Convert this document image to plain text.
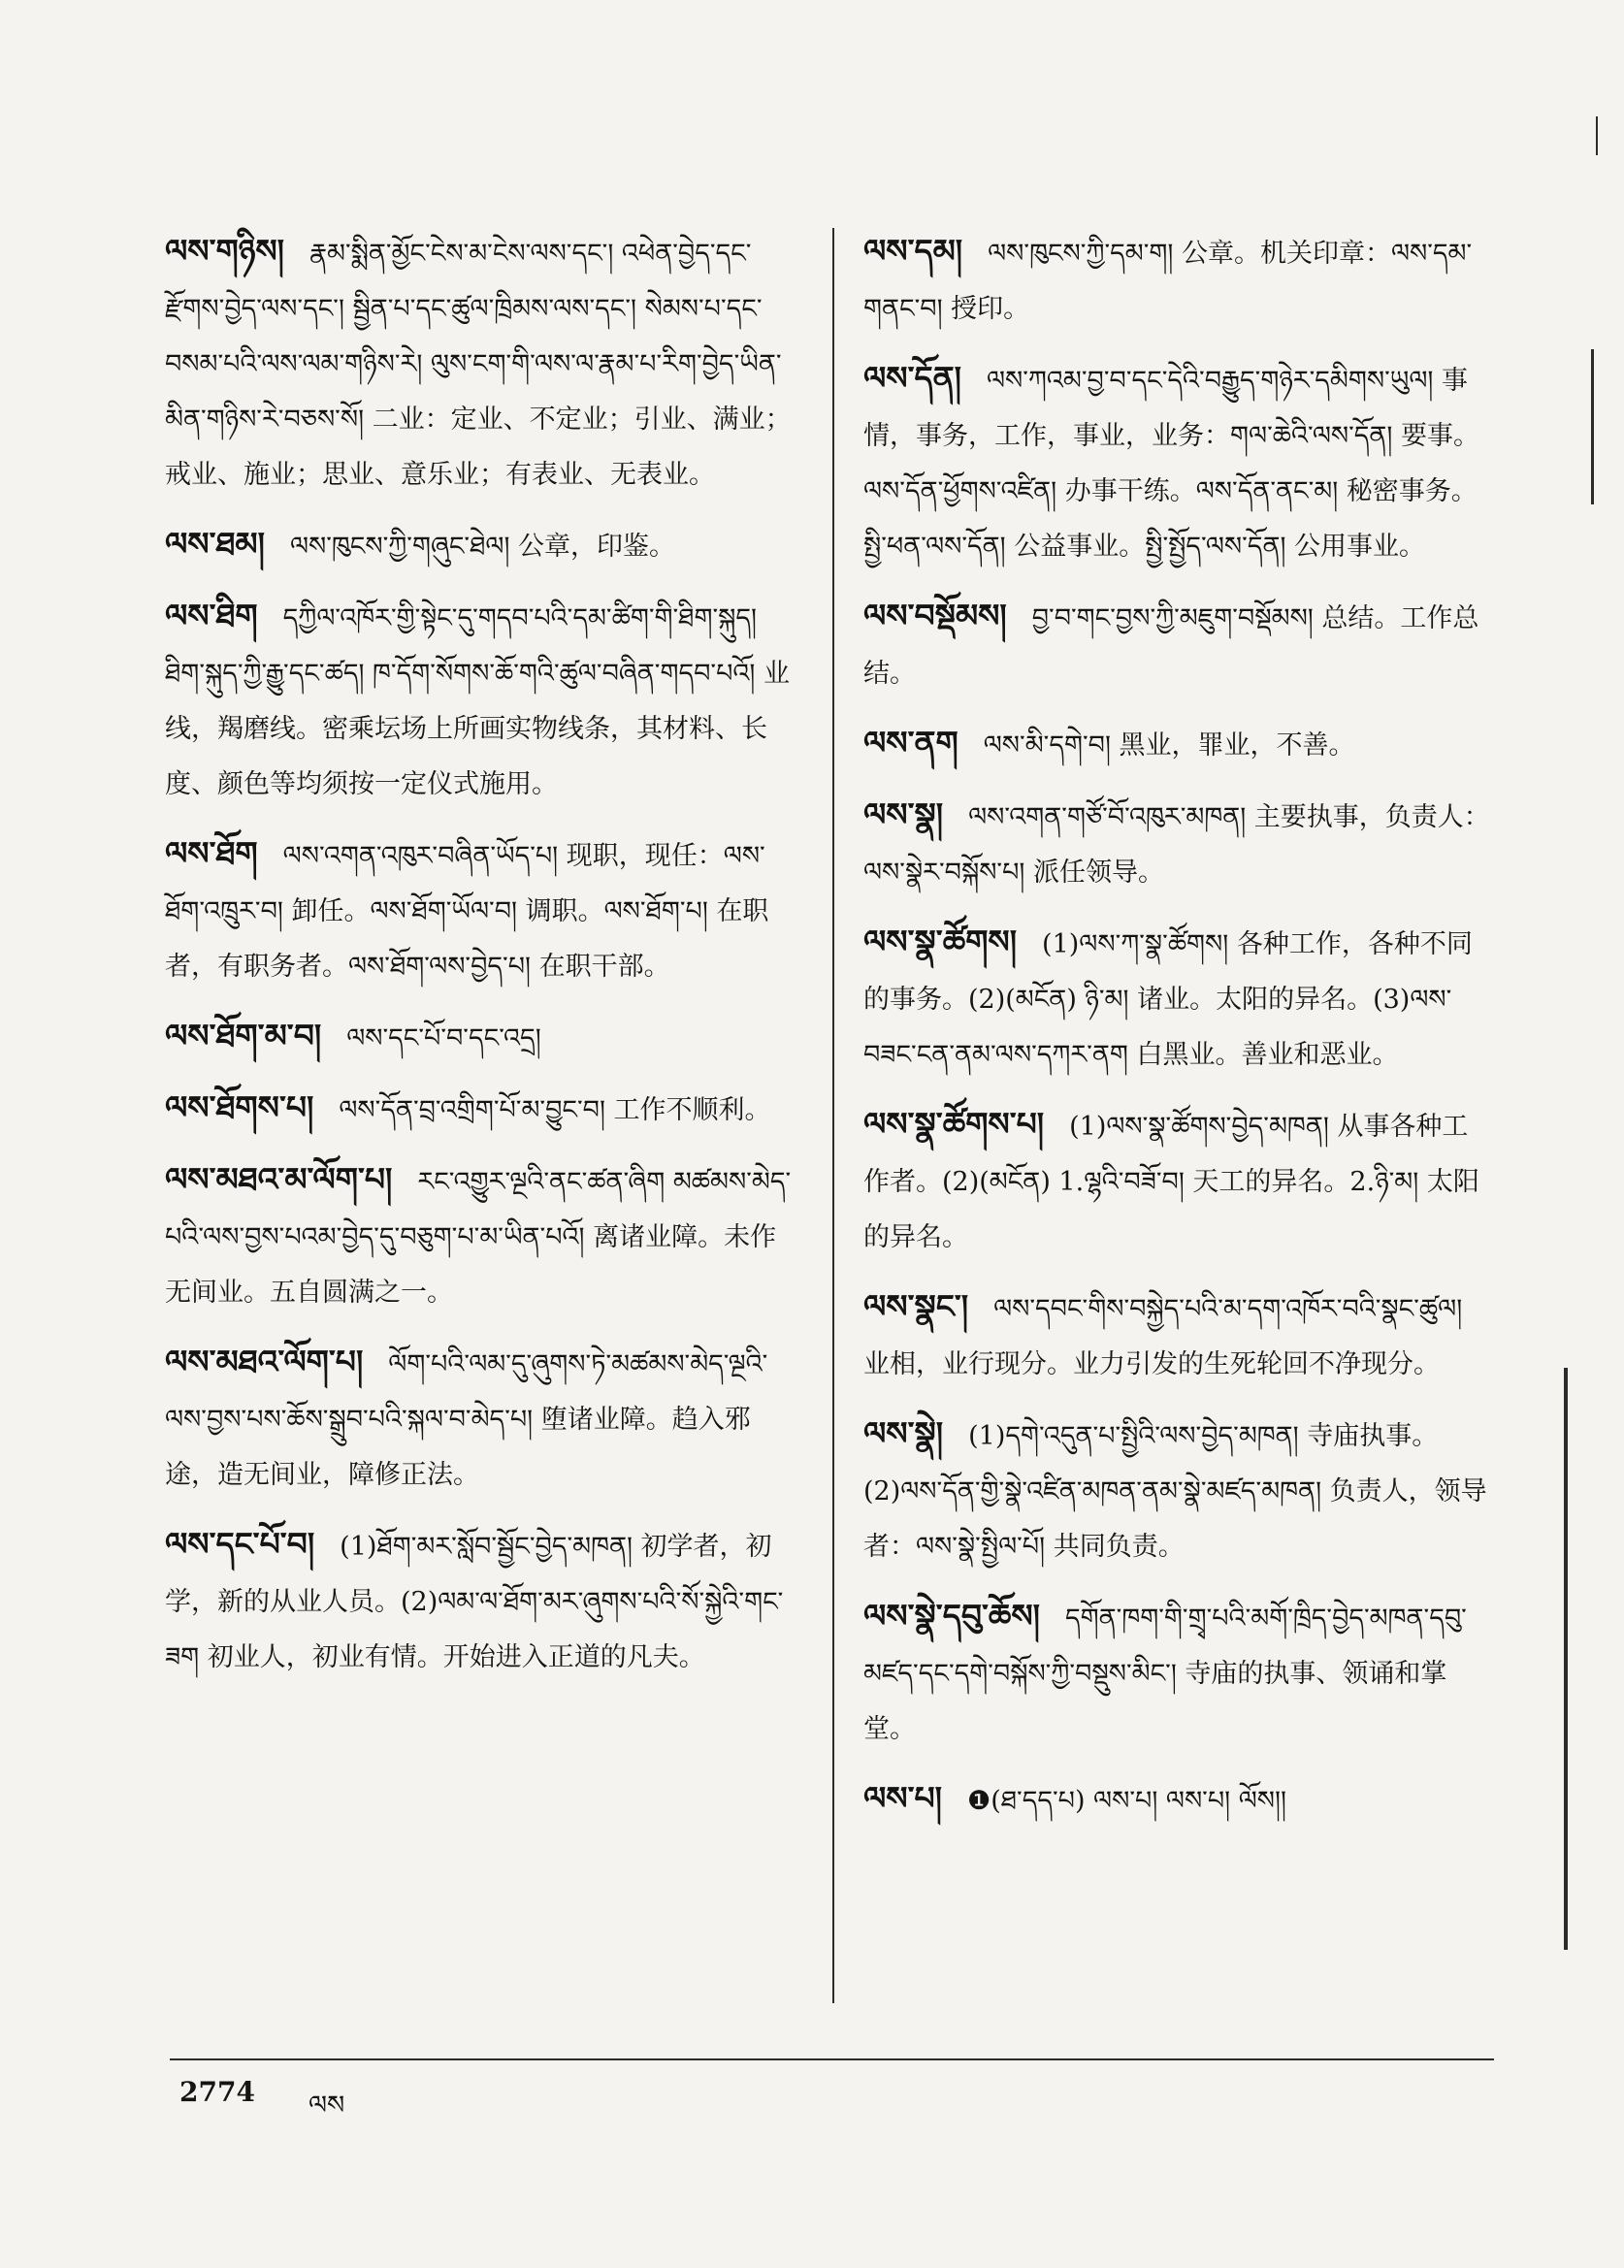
ལས་གཉིས། རྣམ་སྨིན་མྱོང་ངེས་མ་ངེས་ལས་དང་། འཕེན་བྱེད་དང་རྫོགས་བྱེད་ལས་དང་། སྦྱིན་པ་དང་ཚུལ་ཁྲིམས་ལས་དང་། སེམས་པ་དང་བསམ་པའི་ལས་ལམ་གཉིས་རེ། ལུས་ངག་གི་ལས་ལ་རྣམ་པ་རིག་བྱེད་ཡིན་མིན་གཉིས་རེ་བཅས་སོ། 二业：定业、不定业；引业、满业；戒业、施业；思业、意乐业；有表业、无表业。
ལས་ཐམ། ལས་ཁུངས་ཀྱི་གཞུང་ཐེལ། 公章，印鉴。
ལས་ཐིག དཀྱིལ་འཁོར་གྱི་སྟེང་དུ་གདབ་པའི་དམ་ཚིག་གི་ཐིག་སྐུད། ཐིག་སྐུད་ཀྱི་རྒྱུ་དང་ཚད། ཁ་དོག་སོགས་ཆོ་གའི་ཚུལ་བཞིན་གདབ་པའོ། 业线，羯磨线。密乘坛场上所画实物线条，其材料、长度、颜色等均须按一定仪式施用。
ལས་ཐོག ལས་འགན་འཁུར་བཞིན་ཡོད་པ། 现职，现任：ལས་ཐོག་འཁྲུར་བ། 卸任。ལས་ཐོག་ཡོལ་བ། 调职。ལས་ཐོག་པ། 在职者，有职务者。ལས་ཐོག་ལས་བྱེད་པ། 在职干部。
ལས་ཐོག་མ་བ། ལས་དང་པོ་བ་དང་འདྲ།
ལས་ཐོགས་པ། ལས་དོན་བྲ་འགྲིག་པོ་མ་བྱུང་བ། 工作不顺利。
ལས་མཐའ་མ་ལོག་པ། རང་འགྱུར་ལྔའི་ནང་ཚན་ཞིག མཚམས་མེད་པའི་ལས་བྱས་པའམ་བྱེད་དུ་བཅུག་པ་མ་ཡིན་པའོ། 离诸业障。未作无间业。五自圆满之一。
ལས་མཐའ་ལོག་པ། ལོག་པའི་ལམ་དུ་ཞུགས་ཏེ་མཚམས་མེད་ལྔའི་ལས་བྱས་པས་ཆོས་སྒྲུབ་པའི་སྐལ་བ་མེད་པ། 堕诸业障。趋入邪途，造无间业，障修正法。
ལས་དང་པོ་བ། (1)ཐོག་མར་སློབ་སྦྱོང་བྱེད་མཁན། 初学者，初学，新的从业人员。(2)ལམ་ལ་ཐོག་མར་ཞུགས་པའི་སོ་སྐྱེའི་གང་ཟག 初业人，初业有情。开始进入正道的凡夫。
ལས་དམ། ལས་ཁུངས་ཀྱི་དམ་ག། 公章。机关印章：ལས་དམ་གནང་བ། 授印。
ལས་དོན། ལས་ཀའམ་བྱ་བ་དང་དེའི་བརྒྱུད་གཉེར་དམིགས་ཡུལ། 事情，事务，工作，事业，业务：གལ་ཆེའི་ལས་དོན། 要事。ལས་དོན་ཕྱོགས་འཛིན། 办事干练。ལས་དོན་ནང་མ། 秘密事务。སྤྱི་ཕན་ལས་དོན། 公益事业。སྤྱི་སྤྱོད་ལས་དོན། 公用事业。
ལས་བསྡོམས། བྱ་བ་གང་བྱས་ཀྱི་མཇུག་བསྡོམས། 总结。工作总结。
ལས་ནག ལས་མི་དགེ་བ། 黑业，罪业，不善。
ལས་སྣ། ལས་འགན་གཙོ་བོ་འཁུར་མཁན། 主要执事，负责人：ལས་སྣེར་བསྐོས་པ། 派任领导。
ལས་སྣ་ཚོགས། (1)ལས་ཀ་སྣ་ཚོགས། 各种工作，各种不同的事务。(2)(མངོན) ཉི་མ། 诸业。太阳的异名。(3)ལས་བཟང་ངན་ནམ་ལས་དཀར་ནག 白黑业。善业和恶业。
ལས་སྣ་ཚོགས་པ། (1)ལས་སྣ་ཚོགས་བྱེད་མཁན། 从事各种工作者。(2)(མངོན) 1.ལྷའི་བཟོ་བ། 天工的异名。2.ཉི་མ། 太阳的异名。
ལས་སྣང་། ལས་དབང་གིས་བསྐྱེད་པའི་མ་དག་འཁོར་བའི་སྣང་ཚུལ། 业相，业行现分。业力引发的生死轮回不净现分。
ལས་སྣེ། (1)དགེ་འདུན་པ་སྤྱིའི་ལས་བྱེད་མཁན། 寺庙执事。(2)ལས་དོན་གྱི་སྣེ་འཛིན་མཁན་ནམ་སྣེ་མཛད་མཁན། 负责人，领导者：ལས་སྣེ་སྤྱིལ་པོ། 共同负责。
ལས་སྣེ་དབུ་ཆོས། དགོན་ཁག་གི་གྲྭ་པའི་མགོ་ཁྲིད་བྱེད་མཁན་དབུ་མཛད་དང་དགེ་བསྐོས་ཀྱི་བསྡུས་མིང་། 寺庙的执事、领诵和掌堂。
ལས་པ། ❶(ཐ་དད་པ) ལས་པ། ལས་པ། ལོས།།
2774 ལས
